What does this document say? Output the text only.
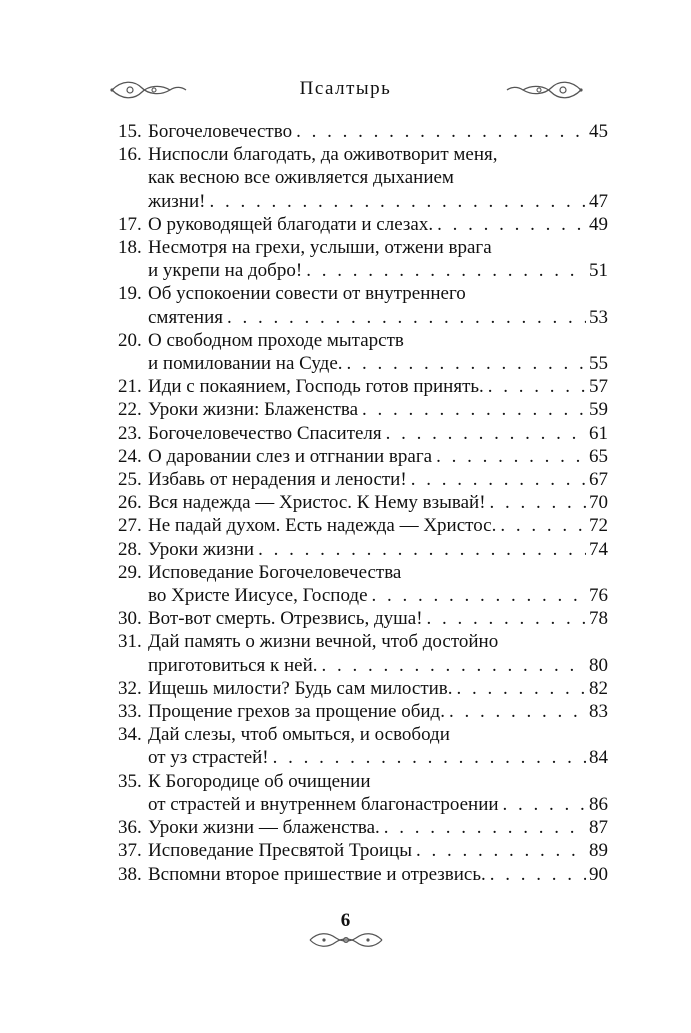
Псалтырь
15. Богочеловечество . . .	45
16. Ниспосли благодать, да оживотворит меня,
как весною все оживляется дыханием
жизни! . . .	47
17. О руководящей благодати и слезах. . . .	49
18. Несмотря на грехи, услыши, отжени врага
и укрепи на добро! . . .	51
19. Об успокоении совести от внутреннего
смятения . . .	53
20. О свободном проходе мытарств
и помиловании на Суде. . . .	55
21. Иди с покаянием, Господь готов принять. . . .	57
22. Уроки жизни: Блаженства . . .	59
23. Богочеловечество Спасителя . . .	61
24. О даровании слез и отгнании врага . . .	65
25. Избавь от нерадения и лености! . . .	67
26. Вся надежда — Христос. К Нему взывай! . . .	70
27. Не падай духом. Есть надежда — Христос. . . .	72
28. Уроки жизни . . .	74
29. Исповедание Богочеловечества
во Христе Иисусе, Господе . . .	76
30. Вот-вот смерть. Отрезвись, душа! . . .	78
31. Дай память о жизни вечной, чтоб достойно
приготовиться к ней. . . .	80
32. Ищешь милости? Будь сам милостив. . . .	82
33. Прощение грехов за прощение обид. . . .	83
34. Дай слезы, чтоб омыться, и освободи
от уз страстей! . . .	84
35. К Богородице об очищении
от страстей и внутреннем благонастроении . . .	86
36. Уроки жизни — блаженства. . . .	87
37. Исповедание Пресвятой Троицы . . .	89
38. Вспомни второе пришествие и отрезвись. . . .	90
6
